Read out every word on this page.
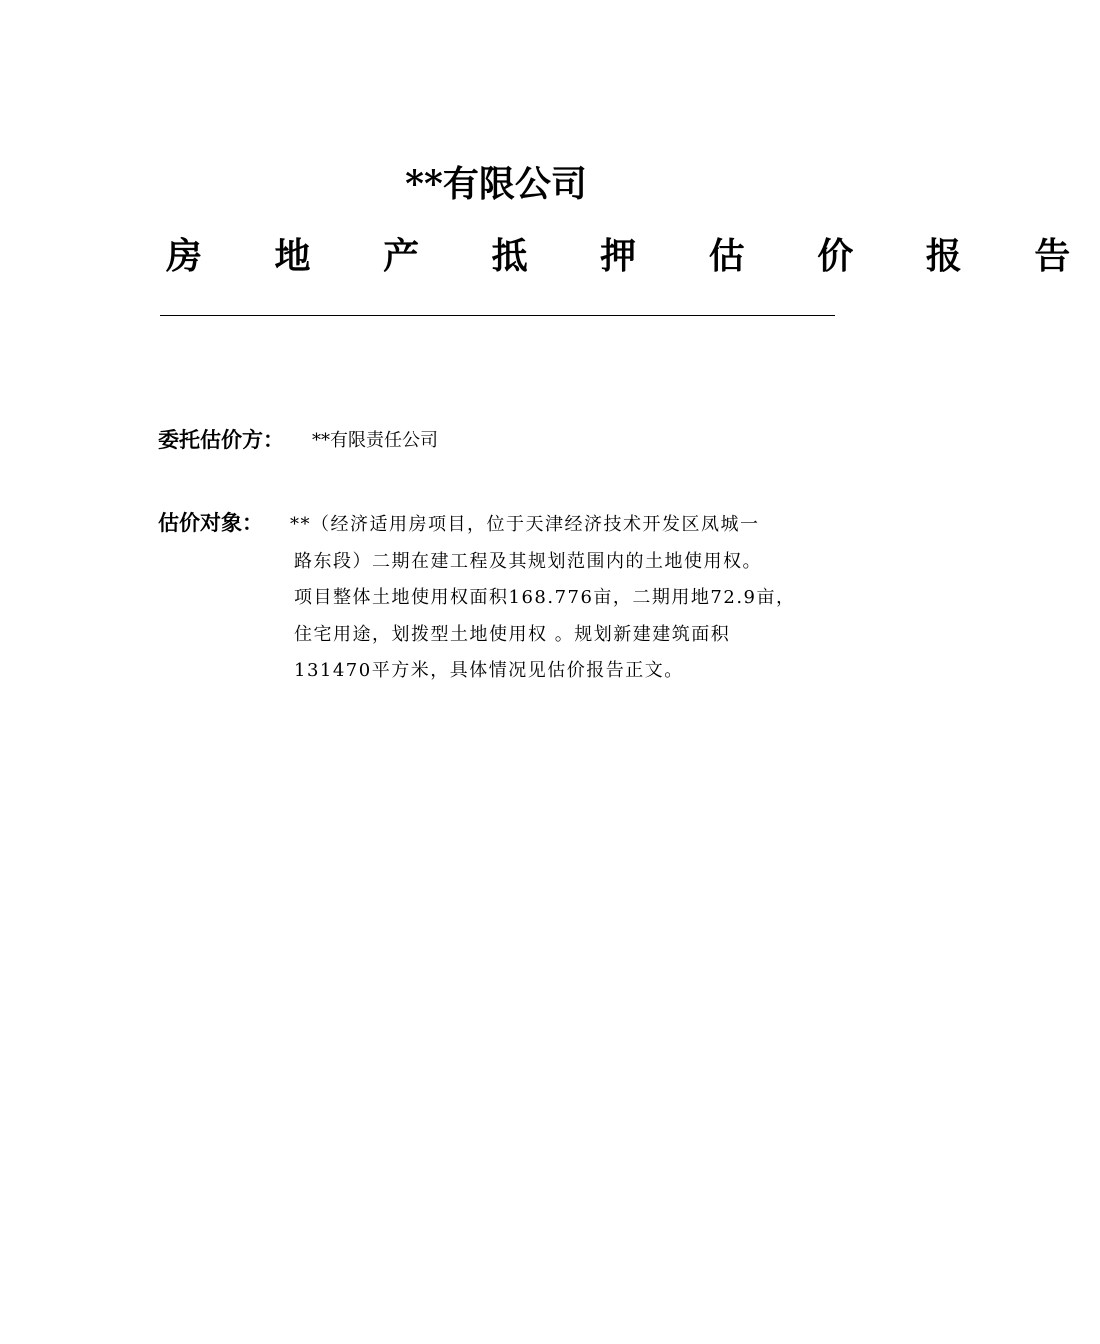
**有限公司
房 地 产 抵 押 估 价 报 告
委托估价方： **有限责任公司
估价对象： **（经济适用房项目，位于天津经济技术开发区凤城一
路东段）二期在建工程及其规划范围内的土地使用权。
项目整体土地使用权面积168.776亩，二期用地72.9亩，
住宅用途，划拨型土地使用权 。规划新建建筑面积
131470平方米，具体情况见估价报告正文。
